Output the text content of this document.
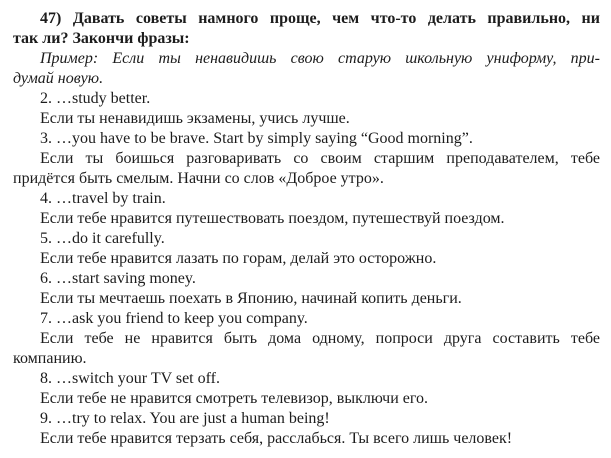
47) Давать советы намного проще, чем что-то делать правильно, ни
так ли? Закончи фразы:
Пример: Если ты ненавидишь свою старую школьную униформу, при-
думай новую.
2. …study better.
Если ты ненавидишь экзамены, учись лучше.
3. …you have to be brave. Start by simply saying “Good morning”.
Если ты боишься разговаривать со своим старшим преподавателем, тебе
придётся быть смелым. Начни со слов «Доброе утро».
4. …travel by train.
Если тебе нравится путешествовать поездом, путешествуй поездом.
5. …do it carefully.
Если тебе нравится лазать по горам, делай это осторожно.
6. …start saving money.
Если ты мечтаешь поехать в Японию, начинай копить деньги.
7. …ask you friend to keep you company.
Если тебе не нравится быть дома одному, попроси друга составить тебе
компанию.
8. …switch your TV set off.
Если тебе не нравится смотреть телевизор, выключи его.
9. …try to relax. You are just a human being!
Если тебе нравится терзать себя, расслабься. Ты всего лишь человек!
